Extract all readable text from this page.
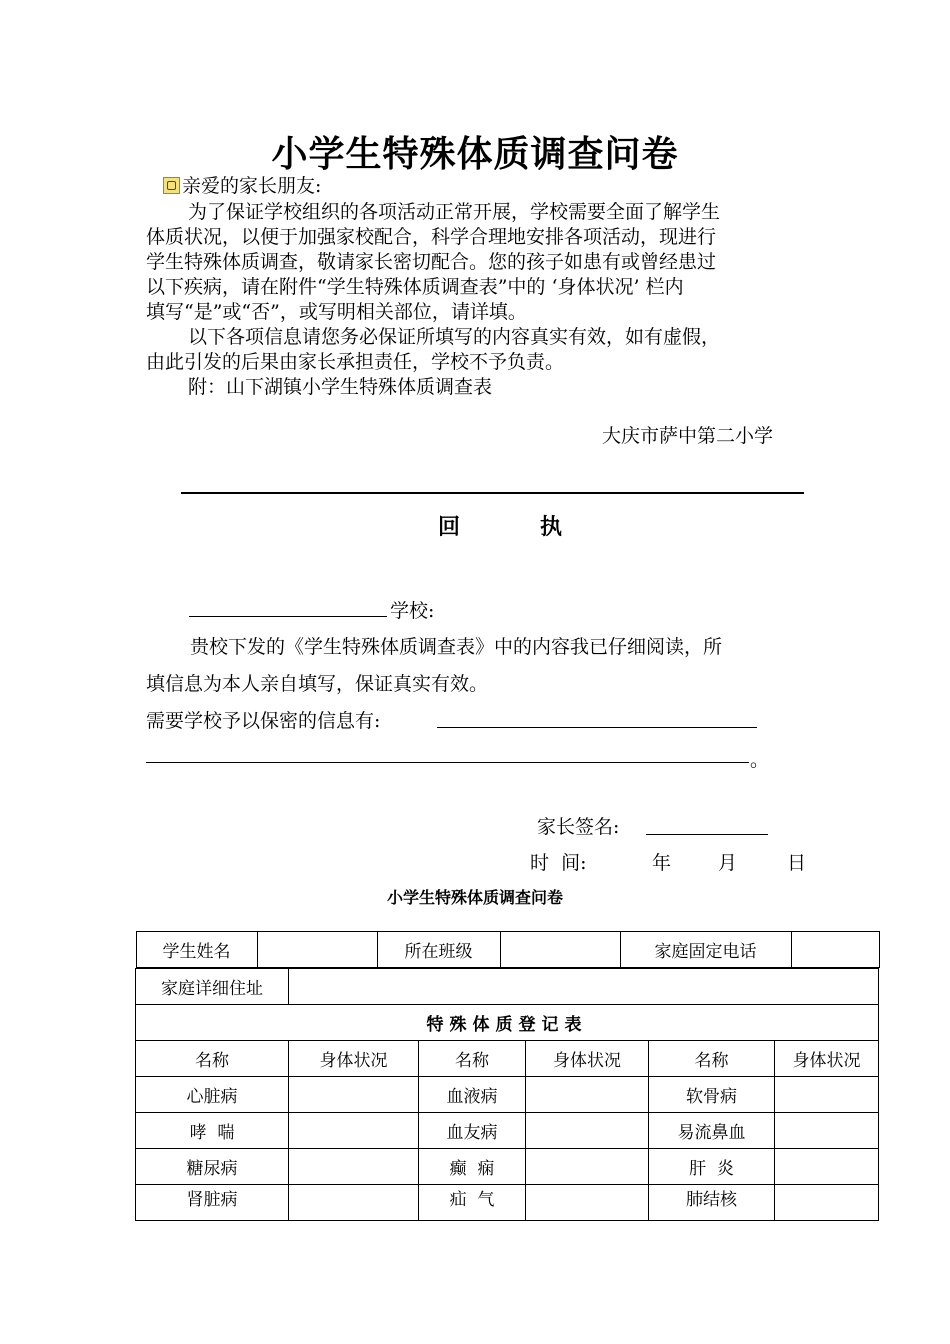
小学生特殊体质调查问卷
亲爱的家长朋友:
为了保证学校组织的各项活动正常开展，学校需要全面了解学生
体质状况，以便于加强家校配合，科学合理地安排各项活动，现进行
学生特殊体质调查，敬请家长密切配合。您的孩子如患有或曾经患过
以下疾病，请在附件“学生特殊体质调查表”中的 ‘身体状况’ 栏内
填写“是”或“否”，或写明相关部位，请详填。
以下各项信息请您务必保证所填写的内容真实有效，如有虚假，
由此引发的后果由家长承担责任，学校不予负责。
附：山下湖镇小学生特殊体质调查表
大庆市萨中第二小学
回	执
学校:
贵校下发的《学生特殊体质调查表》中的内容我已仔细阅读，所
填信息为本人亲自填写，保证真实有效。
需要学校予以保密的信息有:
。
家长签名:
时  间:	年 月	日
小学生特殊体质调查问卷
学生姓名		所在班级		家庭固定电话	

家庭详细住址	
特殊体质登记表
名称	身体状况	名称	身体状况	名称	身体状况
心脏病		血液病		软骨病	
哮  喘		血友病		易流鼻血	
糖尿病		癫  痫		肝  炎	
肾脏病		疝  气		肺结核	
